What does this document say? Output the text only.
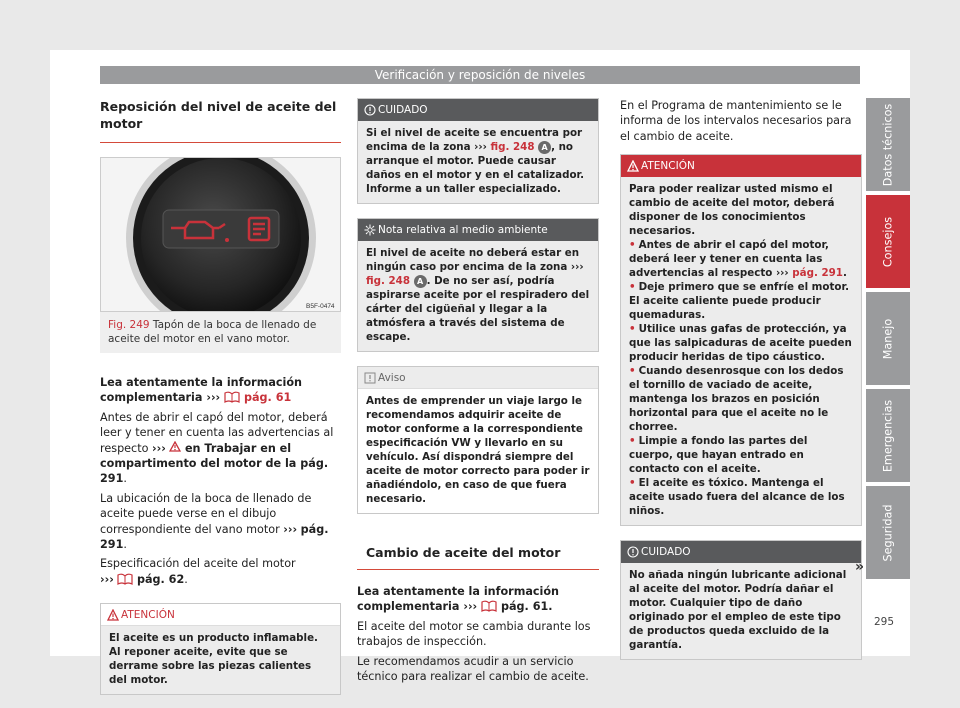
Verificación y reposición de niveles
Reposición del nivel de aceite del motor
B5F-0474
Fig. 249 Tapón de la boca de llenado de aceite del motor en el vano motor.

Lea atentamente la información complementaria ››› pág. 61

Antes de abrir el capó del motor, deberá leer y tener en cuenta las advertencias al respecto ››› en Trabajar en el compartimento del motor de la pág. 291.

La ubicación de la boca de llenado de aceite puede verse en el dibujo correspondiente del vano motor ››› pág. 291.

Especificación del aceite del motor
››› pág. 62.

ATENCIÓN
El aceite es un producto inflamable. Al reponer aceite, evite que se derrame sobre las piezas calientes del motor.
CUIDADO
Si el nivel de aceite se encuentra por encima de la zona ››› fig. 248 A , no arranque el motor. Puede causar daños en el motor y en el catalizador. Informe a un taller especializado.
Nota relativa al medio ambiente
El nivel de aceite no deberá estar en ningún caso por encima de la zona ››› fig. 248 A . De no ser así, podría aspirarse aceite por el respiradero del cárter del cigüeñal y llegar a la atmósfera a través del sistema de escape.
Aviso
Antes de emprender un viaje largo le recomendamos adquirir aceite de motor conforme a la correspondiente especificación VW y llevarlo en su vehículo. Así dispondrá siempre del aceite de motor correcto para poder ir añadiéndolo, en caso de que fuera necesario.
Cambio de aceite del motor

Lea atentamente la información complementaria ››› pág. 61.

El aceite del motor se cambia durante los trabajos de inspección.

Le recomendamos acudir a un servicio técnico para realizar el cambio de aceite.

En el Programa de mantenimiento se le informa de los intervalos necesarios para el cambio de aceite.

ATENCIÓN
Para poder realizar usted mismo el cambio de aceite del motor, deberá disponer de los conocimientos necesarios.
• Antes de abrir el capó del motor, deberá leer y tener en cuenta las advertencias al respecto ››› pág. 291.
• Deje primero que se enfríe el motor. El aceite caliente puede producir quemaduras.
• Utilice unas gafas de protección, ya que las salpicaduras de aceite pueden producir heridas de tipo cáustico.
• Cuando desenrosque con los dedos el tornillo de vaciado de aceite, mantenga los brazos en posición horizontal para que el aceite no le chorree.
• Limpie a fondo las partes del cuerpo, que hayan entrado en contacto con el aceite.
• El aceite es tóxico. Mantenga el aceite usado fuera del alcance de los niños.
CUIDADO
No añada ningún lubricante adicional al aceite del motor. Podría dañar el motor. Cualquier tipo de daño originado por el empleo de este tipo de productos queda excluido de la garantía.
»
Datos técnicos
Consejos
Manejo
Emergencias
Seguridad
295
